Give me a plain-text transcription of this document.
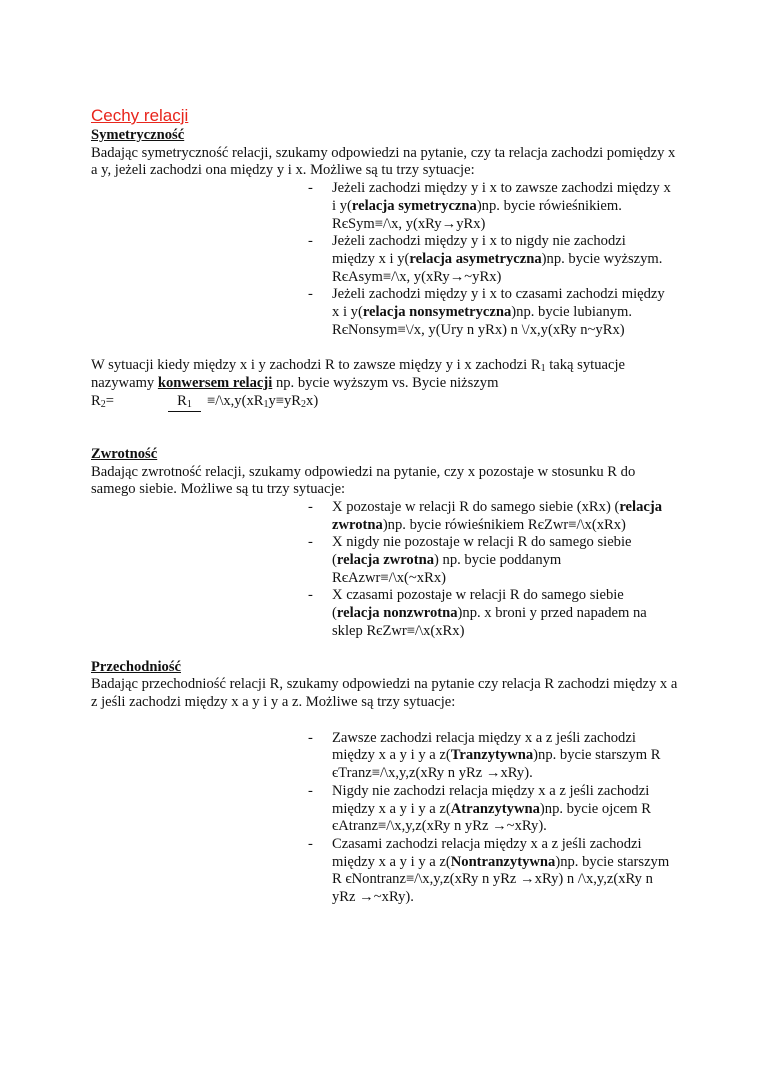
Cechy relacji

Symetryczność

Badając symetryczność relacji, szukamy odpowiedzi na pytanie, czy ta relacja zachodzi pomiędzy x a y, jeżeli zachodzi ona między y i x. Możliwe są tu trzy sytuacje:

- Jeżeli zachodzi między y i x to zawsze zachodzi między x i y(relacja symetryczna)np. bycie rówieśnikiem. RєSym≡/\x, y(xRy→yRx)
- Jeżeli zachodzi między y i x to nigdy nie zachodzi między x i y(relacja asymetryczna)np. bycie wyższym. RєAsym≡/\x, y(xRy→~yRx)
- Jeżeli zachodzi między y i x to czasami zachodzi między x i y(relacja nonsymetryczna)np. bycie lubianym. RєNonsym≡\/x, y(Ury n yRx) n \/x,y(xRy n~yRx)

W sytuacji kiedy między x i y zachodzi R to zawsze między y i x zachodzi $R_1$ taką sytuacje nazywamy konwersem relacji np. bycie wyższym vs. Bycie niższym

$R_2=$	$R_1$	$\equiv/\backslash x,y(xR_1y\equiv yR_2x)$

Zwrotność

Badając zwrotność relacji, szukamy odpowiedzi na pytanie, czy x pozostaje w stosunku R do samego siebie. Możliwe są tu trzy sytuacje:

- X pozostaje w relacji R do samego siebie (xRx) (relacja zwrotna)np. bycie rówieśnikiem RєZwr≡/\x(xRx)
- X nigdy nie pozostaje w relacji R do samego siebie (relacja zwrotna) np. bycie poddanym RєAzwr≡/\x(~xRx)
- X czasami pozostaje w relacji R do samego siebie (relacja nonzwrotna)np. x broni y przed napadem na sklep RєZwr≡/\x(xRx)

Przechodniość

Badając przechodniość relacji R, szukamy odpowiedzi na pytanie czy relacja R zachodzi między x a z jeśli zachodzi między x a y i y a z. Możliwe są trzy sytuacje:

- Zawsze zachodzi relacja między x a z jeśli zachodzi między x a y i y a z(Tranzytywna)np. bycie starszym R єTranz≡/\x,y,z(xRy n yRz →xRy).
- Nigdy nie zachodzi relacja między x a z jeśli zachodzi między x a y i y a z(Atranzytywna)np. bycie ojcem R єAtranz≡/\x,y,z(xRy n yRz →~xRy).
- Czasami zachodzi relacja między x a z jeśli zachodzi między x a y i y a z(Nontranzytywna)np. bycie starszym R єNontranz≡/\x,y,z(xRy n yRz →xRy) n /\x,y,z(xRy n yRz →~xRy).
